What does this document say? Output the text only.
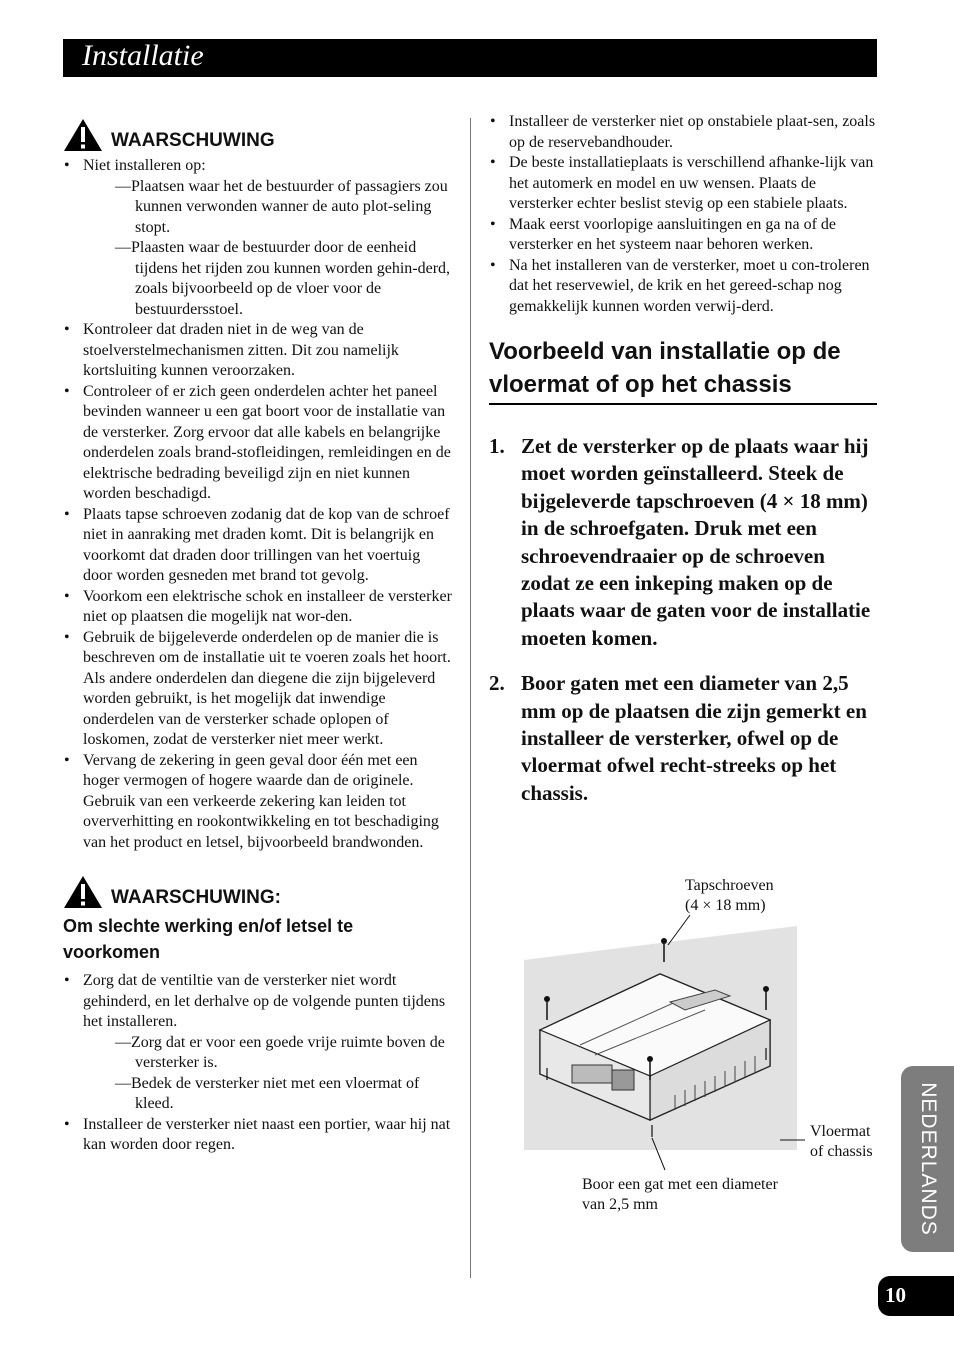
Installatie
WAARSCHUWING
• Niet installeren op:
—Plaatsen waar het de bestuurder of passagiers zou kunnen verwonden wanner de auto plot-seling stopt.
—Plaasten waar de bestuurder door de eenheid tijdens het rijden zou kunnen worden gehin-derd, zoals bijvoorbeeld op de vloer voor de bestuurdersstoel.
• Kontroleer dat draden niet in de weg van de stoelverstelmechanismen zitten. Dit zou namelijk kortsluiting kunnen veroorzaken.
• Controleer of er zich geen onderdelen achter het paneel bevinden wanneer u een gat boort voor de installatie van de versterker. Zorg ervoor dat alle kabels en belangrijke onderdelen zoals brand-stofleidingen, remleidingen en de elektrische bedrading beveiligd zijn en niet kunnen worden beschadigd.
• Plaats tapse schroeven zodanig dat de kop van de schroef niet in aanraking met draden komt. Dit is belangrijk en voorkomt dat draden door trillingen van het voertuig door worden gesneden met brand tot gevolg.
• Voorkom een elektrische schok en installeer de versterker niet op plaatsen die mogelijk nat wor-den.
• Gebruik de bijgeleverde onderdelen op de manier die is beschreven om de installatie uit te voeren zoals het hoort. Als andere onderdelen dan diegene die zijn bijgeleverd worden gebruikt, is het mogelijk dat inwendige onderdelen van de versterker schade oplopen of loskomen, zodat de versterker niet meer werkt.
• Vervang de zekering in geen geval door één met een hoger vermogen of hogere waarde dan de originele. Gebruik van een verkeerde zekering kan leiden tot oververhitting en rookontwikkeling en tot beschadiging van het product en letsel, bijvoorbeeld brandwonden.
WAARSCHUWING:
Om slechte werking en/of letsel te voorkomen
• Zorg dat de ventiltie van de versterker niet wordt gehinderd, en let derhalve op de volgende punten tijdens het installeren.
—Zorg dat er voor een goede vrije ruimte boven de versterker is.
—Bedek de versterker niet met een vloermat of kleed.
• Installeer de versterker niet naast een portier, waar hij nat kan worden door regen.
• Installeer de versterker niet op onstabiele plaat-sen, zoals op de reservebandhouder.
• De beste installatieplaats is verschillend afhanke-lijk van het automerk en model en uw wensen. Plaats de versterker echter beslist stevig op een stabiele plaats.
• Maak eerst voorlopige aansluitingen en ga na of de versterker en het systeem naar behoren werken.
• Na het installeren van de versterker, moet u con-troleren dat het reservewiel, de krik en het gereed-schap nog gemakkelijk kunnen worden verwij-derd.
Voorbeeld van installatie op de vloermat of op het chassis
1. Zet de versterker op de plaats waar hij moet worden geïnstalleerd. Steek de bijgeleverde tapschroeven (4 × 18 mm) in de schroefgaten. Druk met een schroevendraaier op de schroeven zodat ze een inkeping maken op de plaats waar de gaten voor de installatie moeten komen.
2. Boor gaten met een diameter van 2,5 mm op de plaatsen die zijn gemerkt en installeer de versterker, ofwel op de vloermat ofwel recht-streeks op het chassis.
Tapschroeven
(4 × 18 mm)
Vloermat
of chassis
Boor een gat met een diameter
van 2,5 mm	NEDERLANDS
10
